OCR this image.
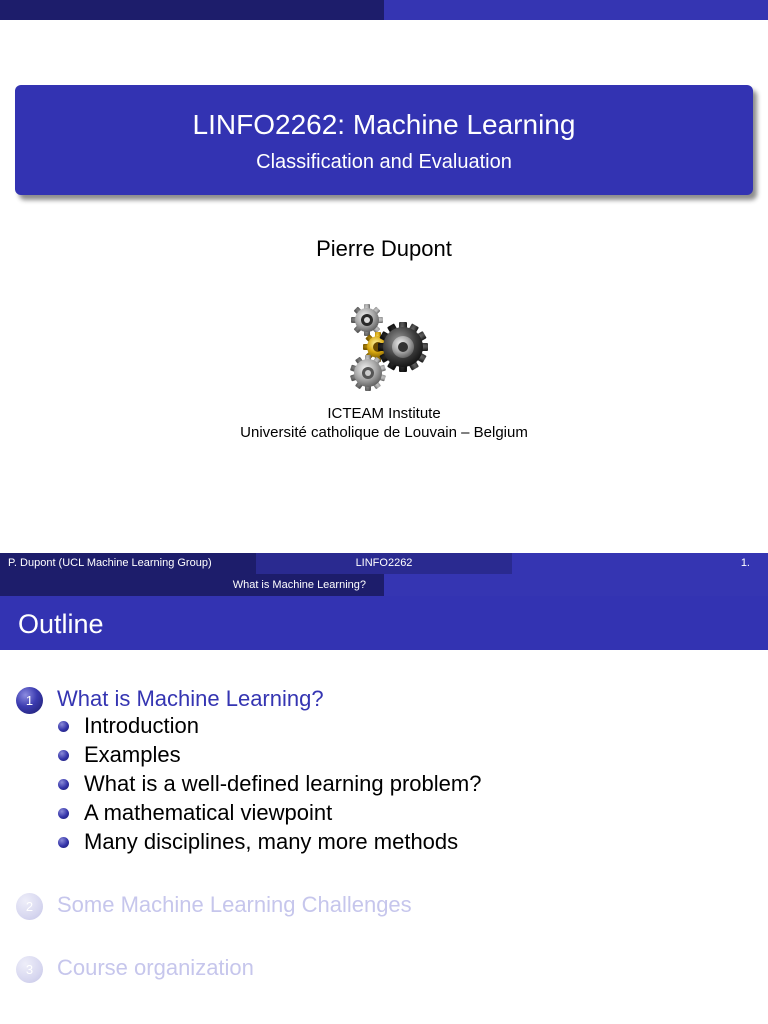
LINFO2262: Machine Learning
Classification and Evaluation
Pierre Dupont
ICTEAM Institute
Université catholique de Louvain – Belgium
P. Dupont (UCL Machine Learning Group)	LINFO2262	1.
What is Machine Learning?
Outline
1	What is Machine Learning?
Introduction
Examples
What is a well-defined learning problem?
A mathematical viewpoint
Many disciplines, many more methods
2	Some Machine Learning Challenges
3	Course organization
